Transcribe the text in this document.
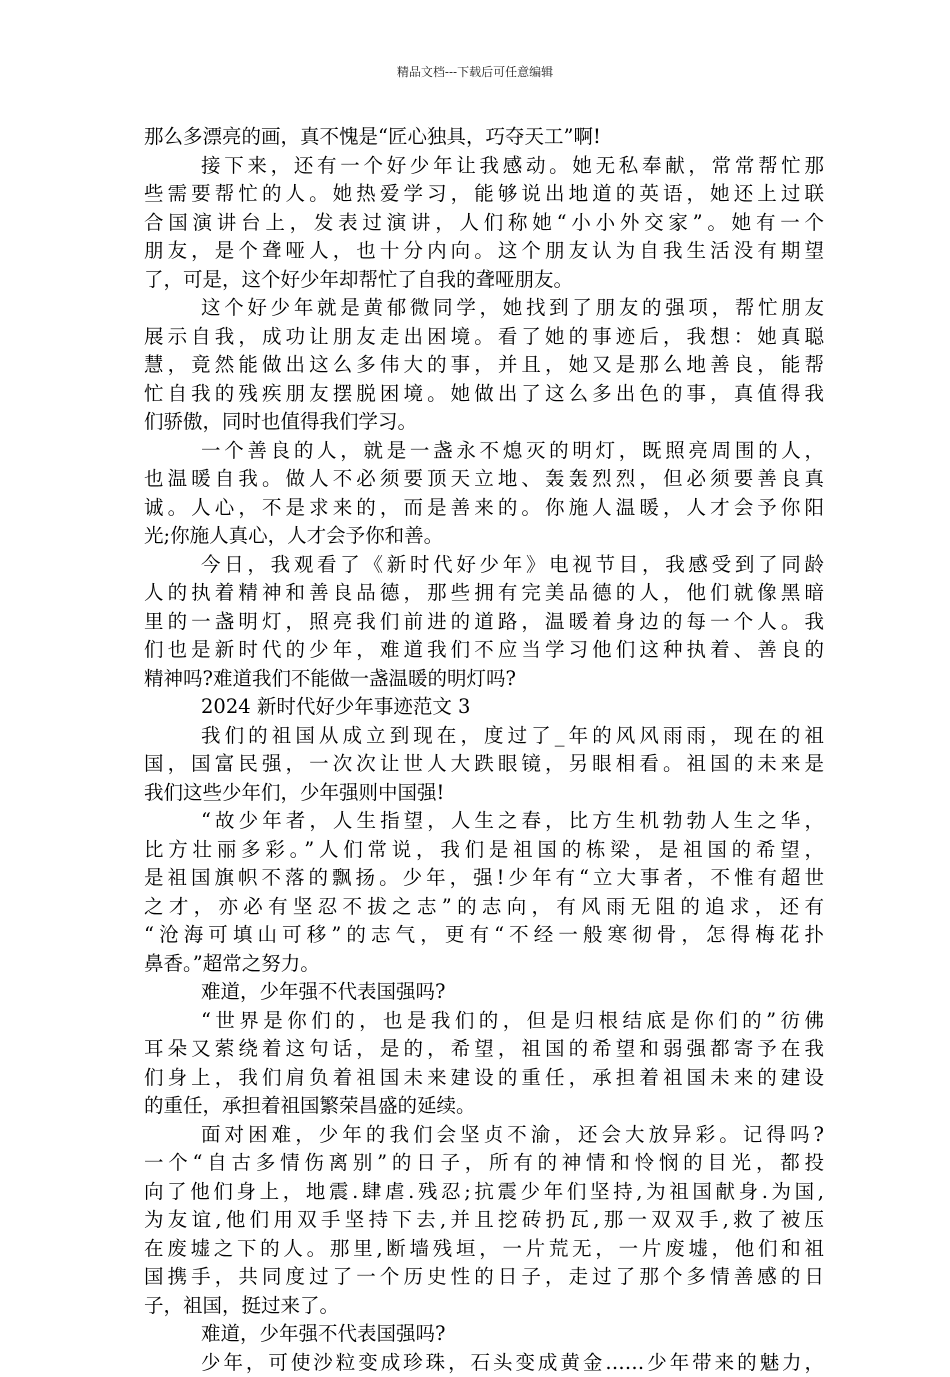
精品文档---下载后可任意编辑
那么多漂亮的画，真不愧是“匠心独具，巧夺天工”啊!
接下来，还有一个好少年让我感动。她无私奉献，常常帮忙那
些需要帮忙的人。她热爱学习，能够说出地道的英语，她还上过联
合国演讲台上，发表过演讲，人们称她“小小外交家”。她有一个
朋友，是个聋哑人，也十分内向。这个朋友认为自我生活没有期望
了，可是，这个好少年却帮忙了自我的聋哑朋友。
这个好少年就是黄郁微同学，她找到了朋友的强项，帮忙朋友
展示自我，成功让朋友走出困境。看了她的事迹后，我想：她真聪
慧，竟然能做出这么多伟大的事，并且，她又是那么地善良，能帮
忙自我的残疾朋友摆脱困境。她做出了这么多出色的事，真值得我
们骄傲，同时也值得我们学习。
一个善良的人，就是一盏永不熄灭的明灯，既照亮周围的人，
也温暖自我。做人不必须要顶天立地、轰轰烈烈，但必须要善良真
诚。人心，不是求来的，而是善来的。你施人温暖，人才会予你阳
光;你施人真心，人才会予你和善。
今日，我观看了《新时代好少年》电视节目，我感受到了同龄
人的执着精神和善良品德，那些拥有完美品德的人，他们就像黑暗
里的一盏明灯，照亮我们前进的道路，温暖着身边的每一个人。我
们也是新时代的少年，难道我们不应当学习他们这种执着、善良的
精神吗?难道我们不能做一盏温暖的明灯吗?
2024 新时代好少年事迹范文 3
我们的祖国从成立到现在，度过了_年的风风雨雨，现在的祖
国，国富民强，一次次让世人大跌眼镜，另眼相看。祖国的未来是
我们这些少年们，少年强则中国强!
“故少年者，人生指望，人生之春，比方生机勃勃人生之华，
比方壮丽多彩。”人们常说，我们是祖国的栋梁，是祖国的希望，
是祖国旗帜不落的飘扬。少年，强!少年有“立大事者，不惟有超世
之才，亦必有坚忍不拔之志”的志向，有风雨无阻的追求，还有
“沧海可填山可移”的志气，更有“不经一般寒彻骨，怎得梅花扑
鼻香。”超常之努力。
难道，少年强不代表国强吗?
“世界是你们的，也是我们的，但是归根结底是你们的”彷佛
耳朵又萦绕着这句话，是的，希望，祖国的希望和弱强都寄予在我
们身上，我们肩负着祖国未来建设的重任，承担着祖国未来的建设
的重任，承担着祖国繁荣昌盛的延续。
面对困难，少年的我们会坚贞不渝，还会大放异彩。记得吗?
一个“自古多情伤离别”的日子，所有的神情和怜悯的目光，都投
向了他们身上，地震.肆虐.残忍;抗震少年们坚持,为祖国献身.为国,
为友谊,他们用双手坚持下去,并且挖砖扔瓦,那一双双手,救了被压
在废墟之下的人。那里,断墙残垣，一片荒无，一片废墟，他们和祖
国携手，共同度过了一个历史性的日子，走过了那个多情善感的日
子，祖国，挺过来了。
难道，少年强不代表国强吗?
少年，可使沙粒变成珍珠，石头变成黄金……少年带来的魅力，
